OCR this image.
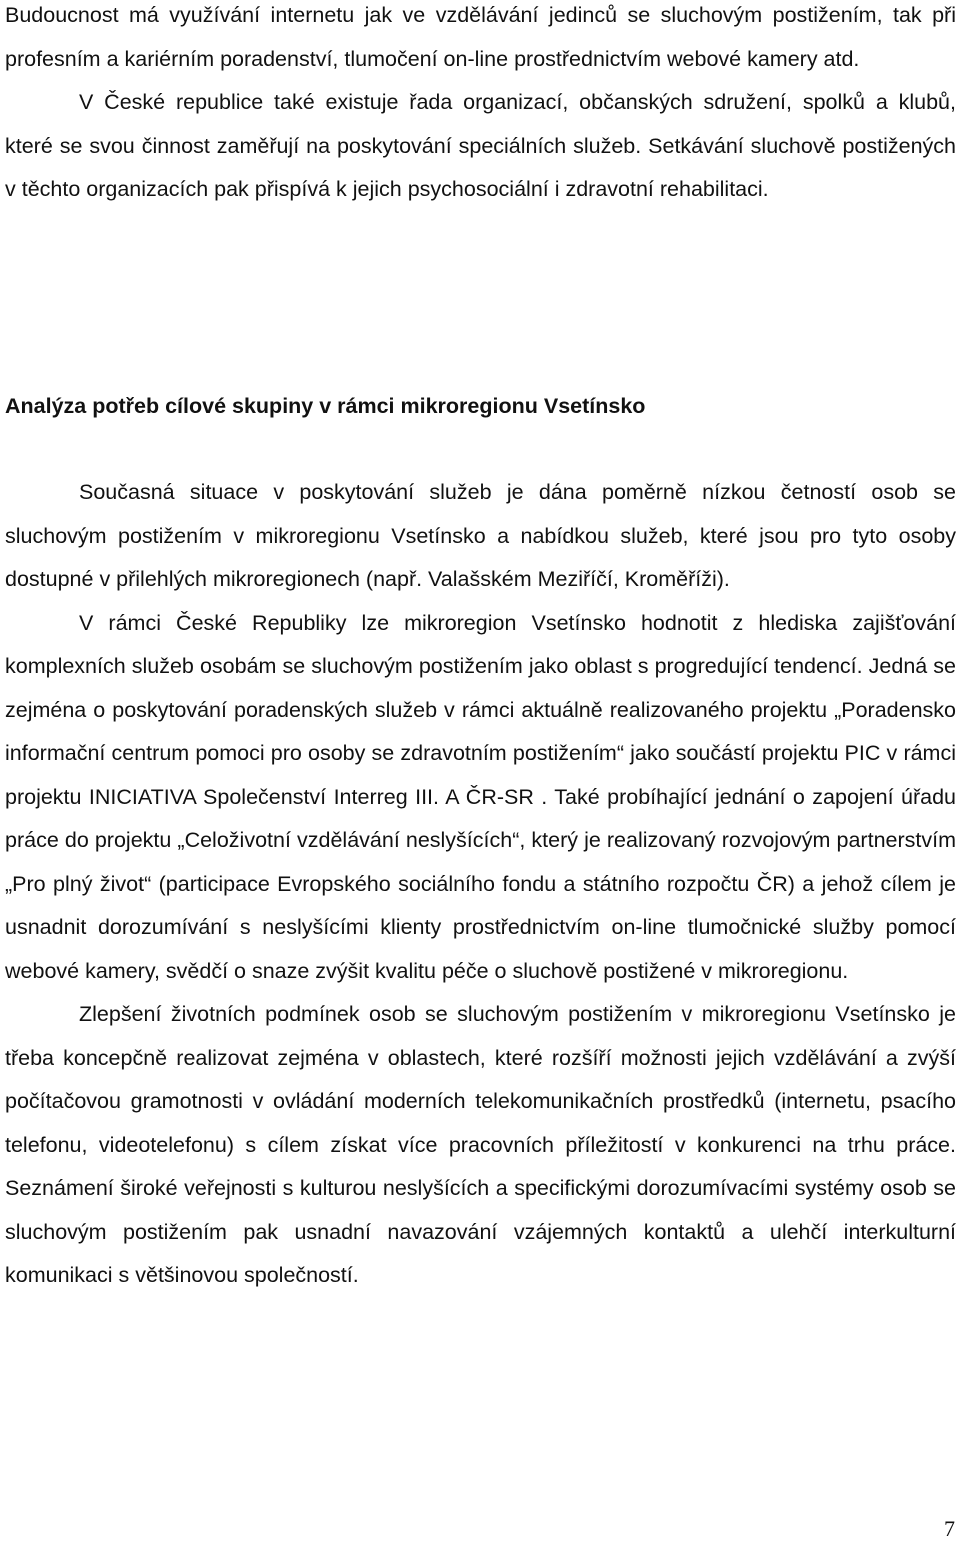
Budoucnost má využívání internetu jak ve vzdělávání jedinců se sluchovým postižením, tak při profesním a kariérním poradenství, tlumočení on-line prostřednictvím webové kamery atd.

V České republice také existuje řada organizací, občanských sdružení, spolků a klubů, které se svou činnost zaměřují na poskytování speciálních služeb. Setkávání sluchově postižených v těchto organizacích pak přispívá k jejich psychosociální i zdravotní rehabilitaci.

Analýza potřeb cílové skupiny v rámci mikroregionu Vsetínsko

Současná situace v poskytování služeb je dána poměrně nízkou četností osob se sluchovým postižením v mikroregionu Vsetínsko a nabídkou služeb, které jsou pro tyto osoby dostupné v přilehlých mikroregionech (např. Valašském Meziříčí, Kroměříži).

V rámci České Republiky lze mikroregion Vsetínsko hodnotit z hlediska zajišťování komplexních služeb osobám se sluchovým postižením jako oblast s progredující tendencí. Jedná se zejména o poskytování poradenských služeb v rámci aktuálně realizovaného projektu „Poradensko informační centrum pomoci pro osoby se zdravotním postižením“ jako součástí projektu PIC v rámci projektu INICIATIVA Společenství Interreg III. A ČR-SR . Také probíhající jednání o zapojení úřadu práce do projektu „Celoživotní vzdělávání neslyšících“, který je realizovaný rozvojovým partnerstvím „Pro plný život“ (participace Evropského sociálního fondu a státního rozpočtu ČR) a jehož cílem je usnadnit dorozumívání s neslyšícími klienty prostřednictvím on-line tlumočnické služby pomocí webové kamery, svědčí o snaze zvýšit kvalitu péče o sluchově postižené v mikroregionu.

Zlepšení životních podmínek osob se sluchovým postižením v mikroregionu Vsetínsko je třeba koncepčně realizovat zejména v oblastech, které rozšíří možnosti jejich vzdělávání a zvýší počítačovou gramotnosti v ovládání moderních telekomunikačních prostředků (internetu, psacího telefonu, videotelefonu) s cílem získat více pracovních příležitostí v konkurenci na trhu práce. Seznámení široké veřejnosti s kulturou neslyšících a specifickými dorozumívacími systémy osob se sluchovým postižením pak usnadní navazování vzájemných kontaktů a ulehčí interkulturní komunikaci s většinovou společností.

7
